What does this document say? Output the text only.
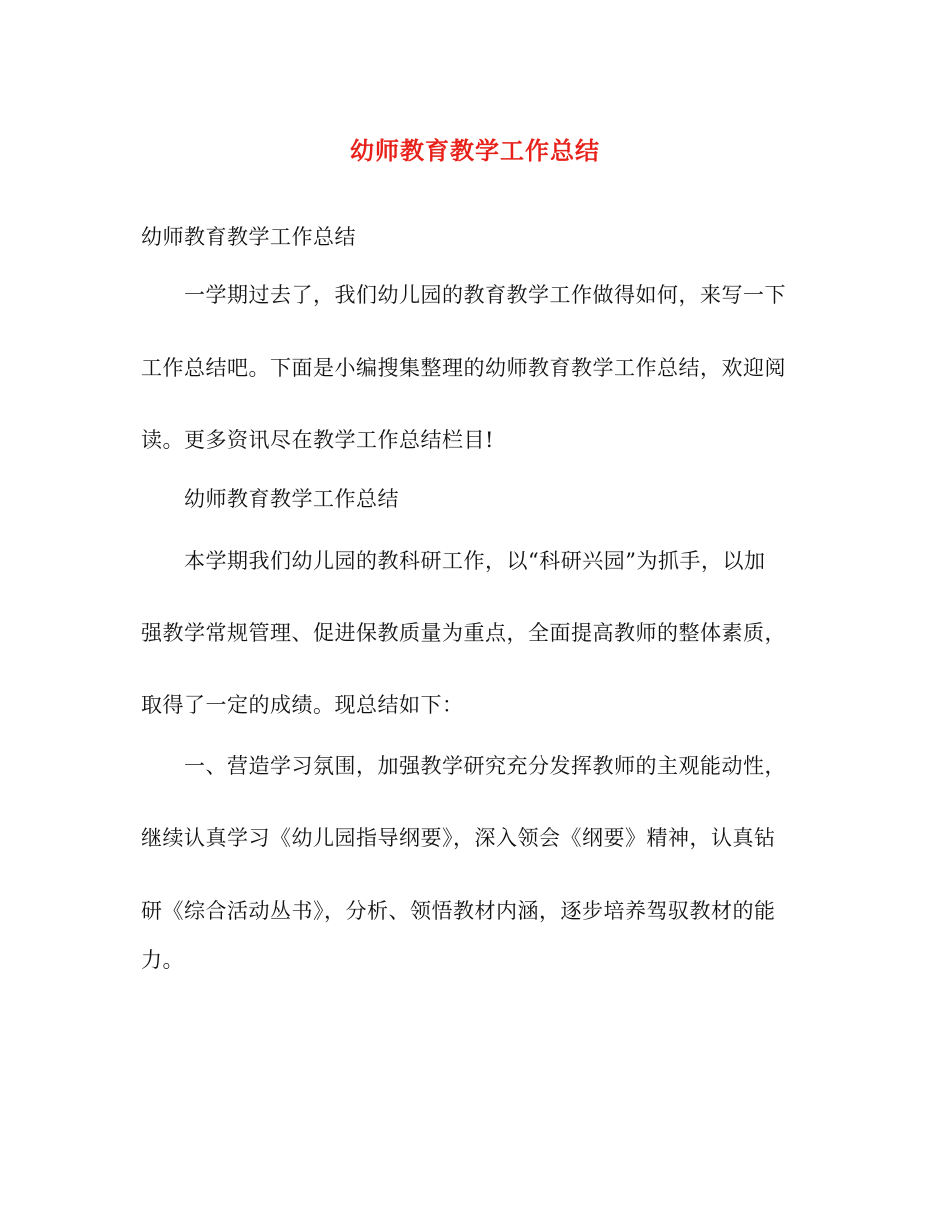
幼师教育教学工作总结
幼师教育教学工作总结
一学期过去了，我们幼儿园的教育教学工作做得如何，来写一下
工作总结吧。下面是小编搜集整理的幼师教育教学工作总结，欢迎阅
读。更多资讯尽在教学工作总结栏目!
幼师教育教学工作总结
本学期我们幼儿园的教科研工作，以“科研兴园”为抓手，以加
强教学常规管理、促进保教质量为重点，全面提高教师的整体素质，
取得了一定的成绩。现总结如下：
一、营造学习氛围，加强教学研究充分发挥教师的主观能动性，
继续认真学习《幼儿园指导纲要》，深入领会《纲要》精神，认真钻
研《综合活动丛书》，分析、领悟教材内涵，逐步培养驾驭教材的能
力。
